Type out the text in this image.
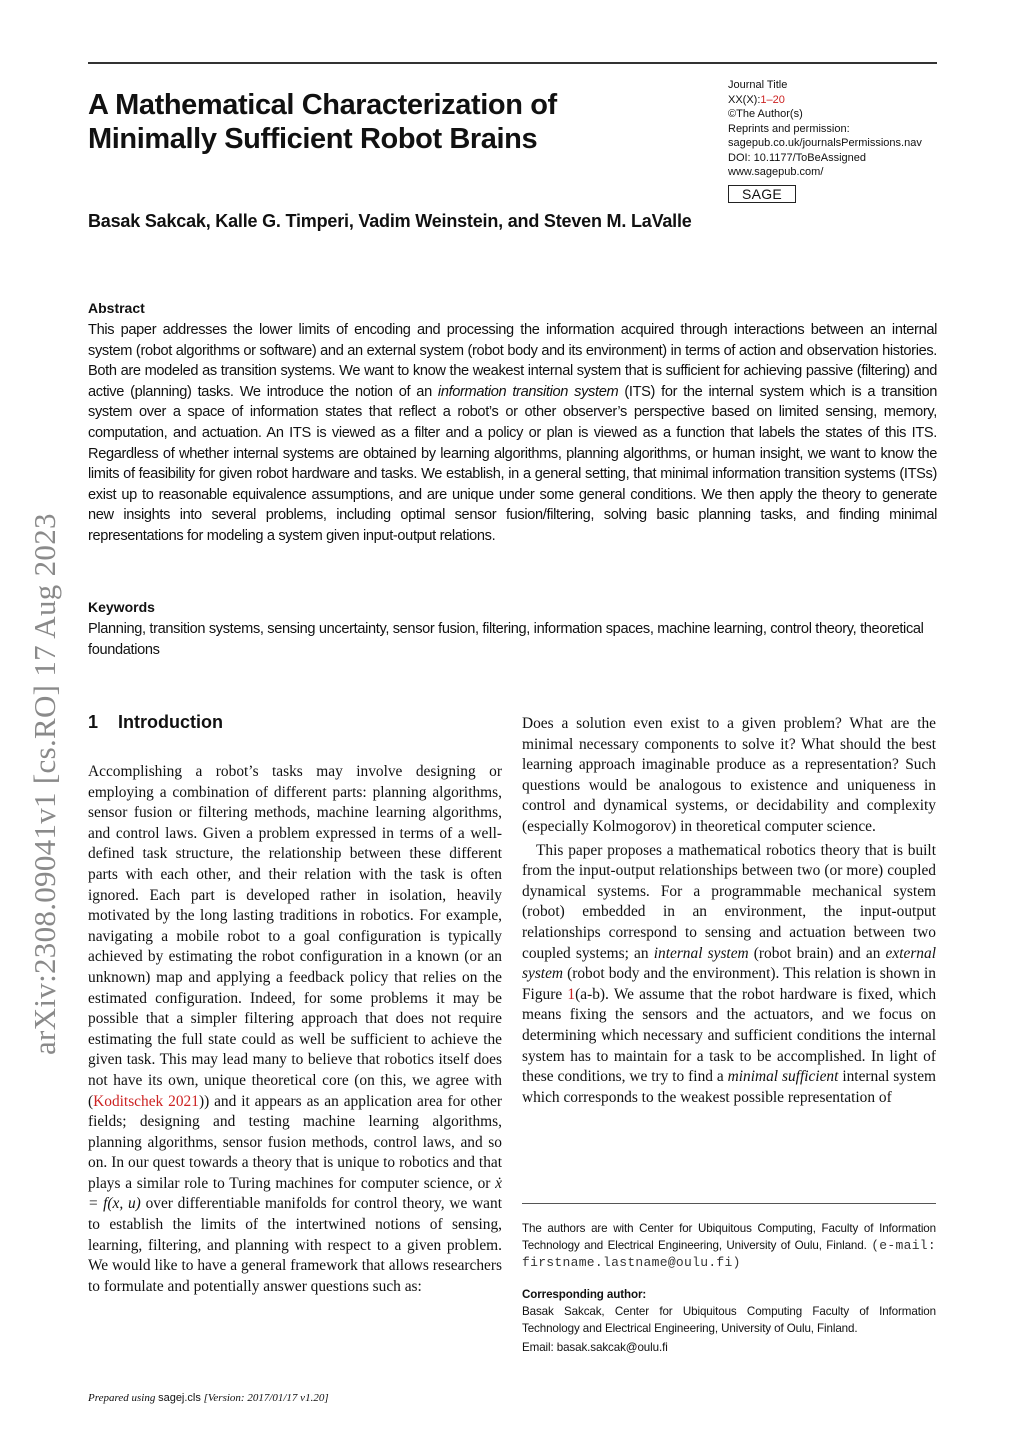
A Mathematical Characterization of
Minimally Sufficient Robot Brains
Journal Title
XX(X):1–20
©The Author(s)
Reprints and permission:
sagepub.co.uk/journalsPermissions.nav
DOI: 10.1177/ToBeAssigned
www.sagepub.com/
SAGE
Basak Sakcak, Kalle G. Timperi, Vadim Weinstein, and Steven M. LaValle
arXiv:2308.09041v1 [cs.RO] 17 Aug 2023
Abstract
This paper addresses the lower limits of encoding and processing the information acquired through interactions between an internal system (robot algorithms or software) and an external system (robot body and its environment) in terms of action and observation histories. Both are modeled as transition systems. We want to know the weakest internal system that is sufficient for achieving passive (filtering) and active (planning) tasks. We introduce the notion of an information transition system (ITS) for the internal system which is a transition system over a space of information states that reflect a robot’s or other observer’s perspective based on limited sensing, memory, computation, and actuation. An ITS is viewed as a filter and a policy or plan is viewed as a function that labels the states of this ITS. Regardless of whether internal systems are obtained by learning algorithms, planning algorithms, or human insight, we want to know the limits of feasibility for given robot hardware and tasks. We establish, in a general setting, that minimal information transition systems (ITSs) exist up to reasonable equivalence assumptions, and are unique under some general conditions. We then apply the theory to generate new insights into several problems, including optimal sensor fusion/filtering, solving basic planning tasks, and finding minimal representations for modeling a system given input-output relations.
Keywords
Planning, transition systems, sensing uncertainty, sensor fusion, filtering, information spaces, machine learning, control theory, theoretical foundations
1 Introduction

Accomplishing a robot’s tasks may involve designing or employing a combination of different parts: planning algorithms, sensor fusion or filtering methods, machine learning algorithms, and control laws. Given a problem expressed in terms of a well-defined task structure, the relationship between these different parts with each other, and their relation with the task is often ignored. Each part is developed rather in isolation, heavily motivated by the long lasting traditions in robotics. For example, navigating a mobile robot to a goal configuration is typically achieved by estimating the robot configuration in a known (or an unknown) map and applying a feedback policy that relies on the estimated configuration. Indeed, for some problems it may be possible that a simpler filtering approach that does not require estimating the full state could as well be sufficient to achieve the given task. This may lead many to believe that robotics itself does not have its own, unique theoretical core (on this, we agree with (Koditschek 2021)) and it appears as an application area for other fields; designing and testing machine learning algorithms, planning algorithms, sensor fusion methods, control laws, and so on. In our quest towards a theory that is unique to robotics and that plays a similar role to Turing machines for computer science, or ẋ = f(x, u) over differentiable manifolds for control theory, we want to establish the limits of the intertwined notions of sensing, learning, filtering, and planning with respect to a given problem. We would like to have a general framework that allows researchers to formulate and potentially answer questions such as:

Does a solution even exist to a given problem? What are the minimal necessary components to solve it? What should the best learning approach imaginable produce as a representation? Such questions would be analogous to existence and uniqueness in control and dynamical systems, or decidability and complexity (especially Kolmogorov) in theoretical computer science.

This paper proposes a mathematical robotics theory that is built from the input-output relationships between two (or more) coupled dynamical systems. For a programmable mechanical system (robot) embedded in an environment, the input-output relationships correspond to sensing and actuation between two coupled systems; an internal system (robot brain) and an external system (robot body and the environment). This relation is shown in Figure 1(a-b). We assume that the robot hardware is fixed, which means fixing the sensors and the actuators, and we focus on determining which necessary and sufficient conditions the internal system has to maintain for a task to be accomplished. In light of these conditions, we try to find a minimal sufficient internal system which corresponds to the weakest possible representation of

The authors are with Center for Ubiquitous Computing, Faculty of Information Technology and Electrical Engineering, University of Oulu, Finland. (e-mail: firstname.lastname@oulu.fi)
Corresponding author:
Basak Sakcak, Center for Ubiquitous Computing Faculty of Information Technology and Electrical Engineering, University of Oulu, Finland.
Email: basak.sakcak@oulu.fi
Prepared using sagej.cls [Version: 2017/01/17 v1.20]
